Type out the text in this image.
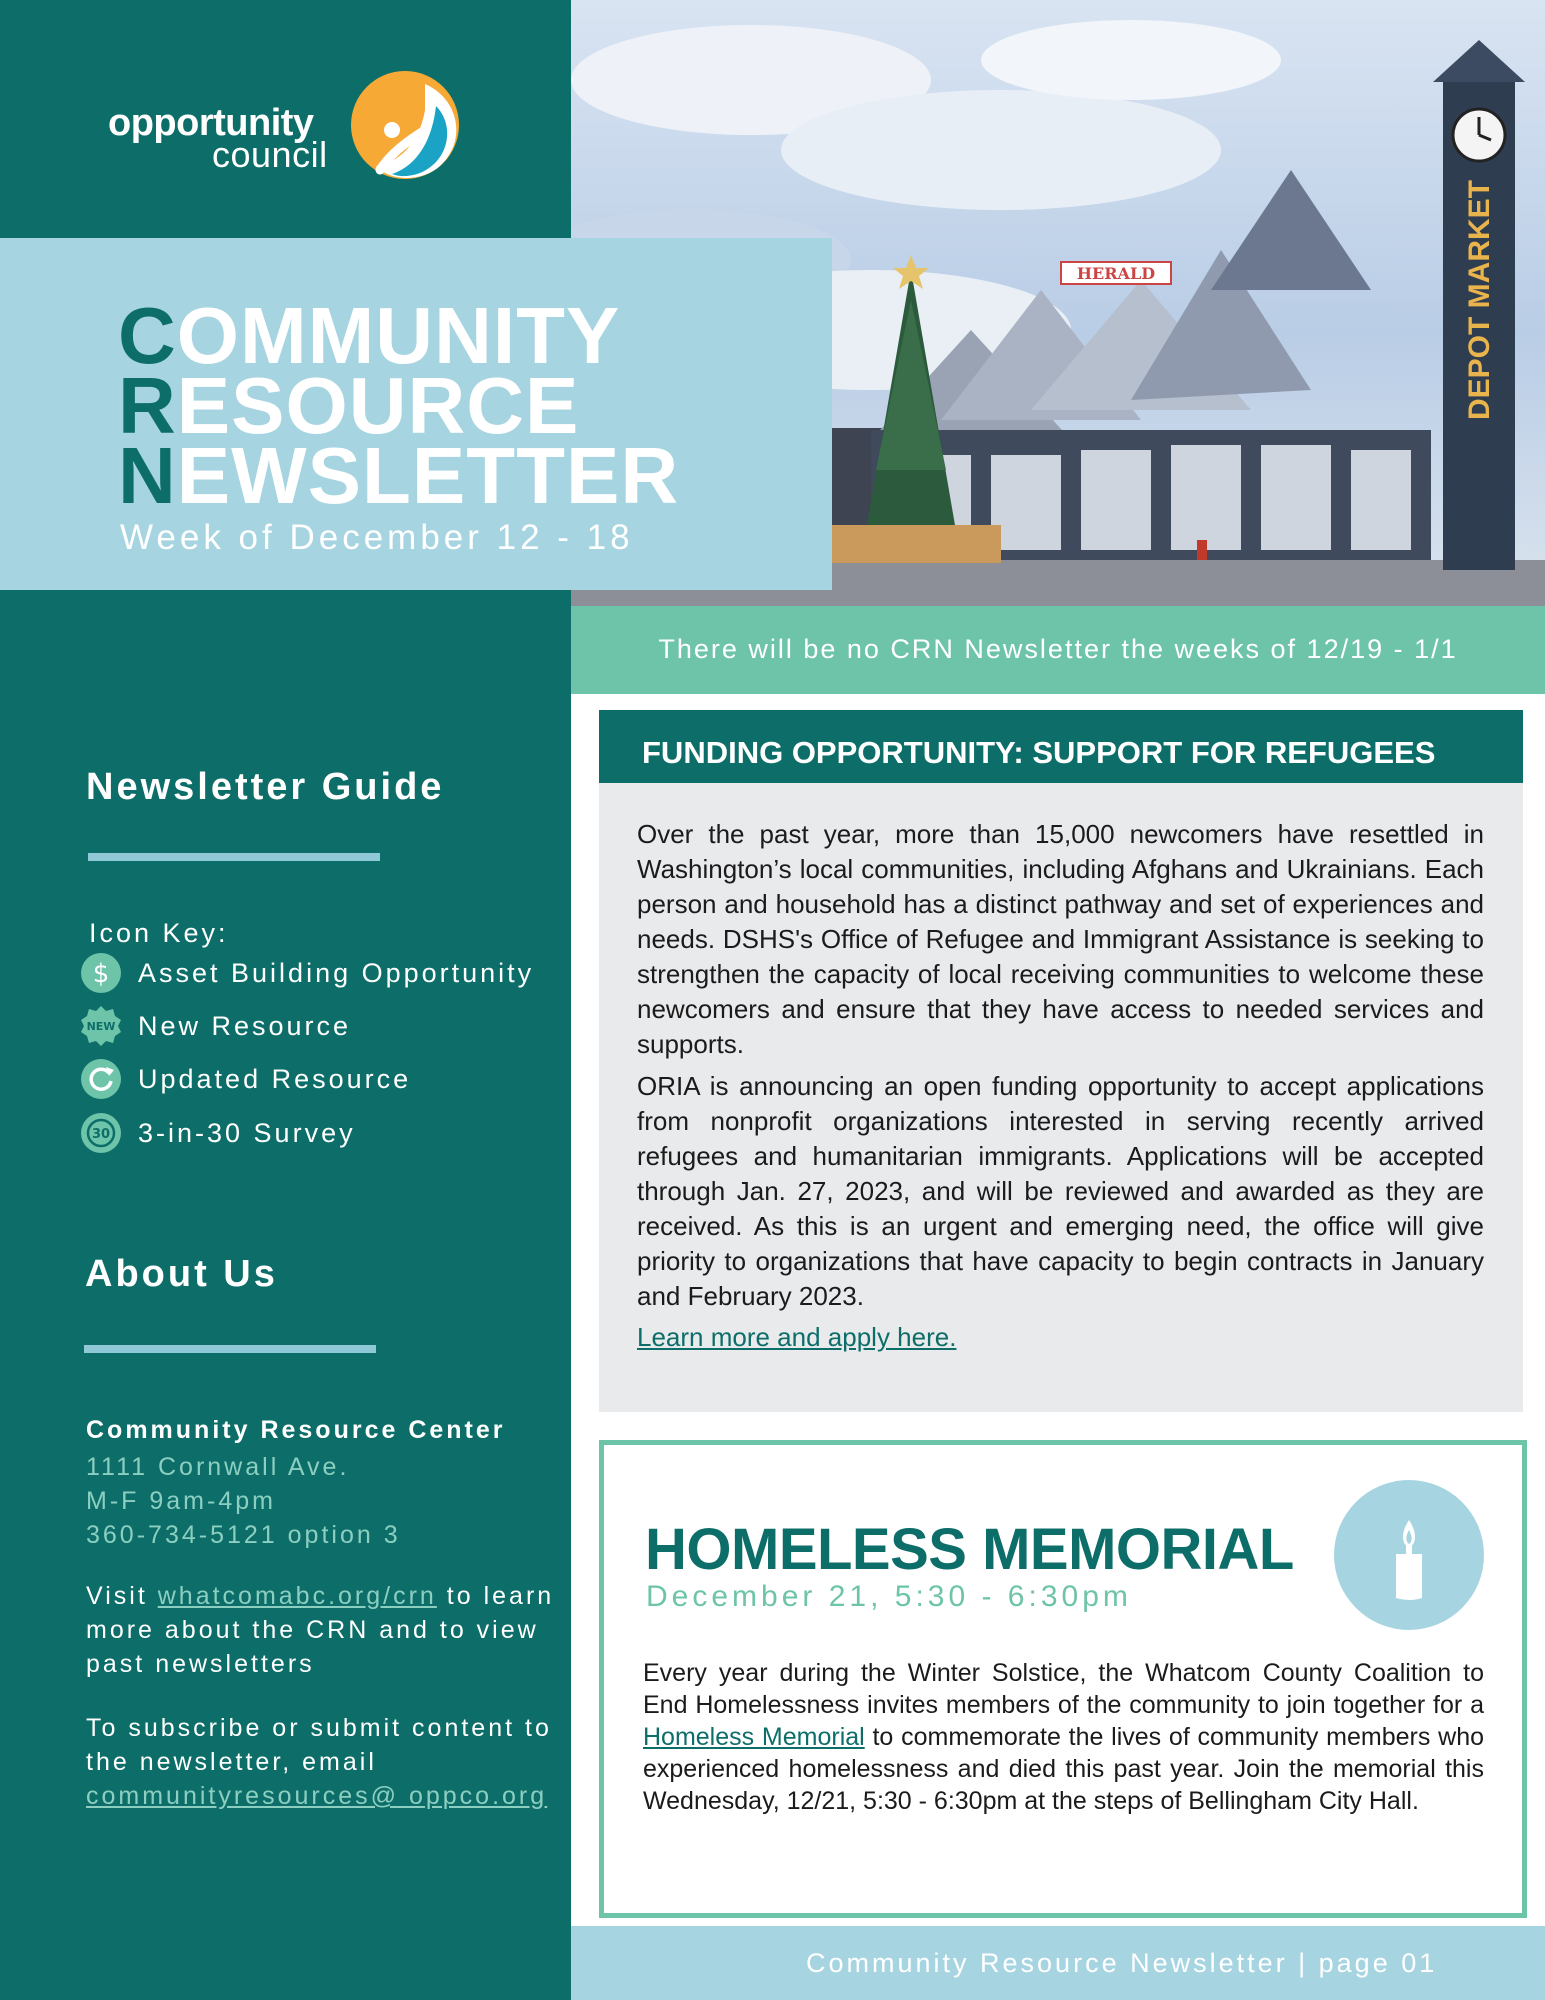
opportunity
council
HERALD	DEPOT MARKET
COMMUNITY
RESOURCE
NEWSLETTER
Week of December 12 - 18
There will be no CRN Newsletter the weeks of 12/19 - 1/1
Newsletter Guide
Icon Key:
$ Asset Building Opportunity
NEW New Resource
Updated Resource
30 3-in-30 Survey
About Us
Community Resource Center
1111 Cornwall Ave.
M-F 9am-4pm
360-734-5121 option 3
Visit whatcomabc.org/crn to learn more about the CRN and to view past newsletters
To subscribe or submit content to the newsletter, email communityresources@ oppco.org
FUNDING OPPORTUNITY: SUPPORT FOR REFUGEES

Over the past year, more than 15,000 newcomers have resettled in Washington’s local communities, including Afghans and Ukrainians. Each person and household has a distinct pathway and set of experiences and needs. DSHS's Office of Refugee and Immigrant Assistance is seeking to strengthen the capacity of local receiving communities to welcome these newcomers and ensure that they have access to needed services and supports.

ORIA is announcing an open funding opportunity to accept applications from nonprofit organizations interested in serving recently arrived refugees and humanitarian immigrants. Applications will be accepted through Jan. 27, 2023, and will be reviewed and awarded as they are received. As this is an urgent and emerging need, the office will give priority to organizations that have capacity to begin contracts in January and February 2023.

Learn more and apply here.
HOMELESS MEMORIAL
December 21, 5:30 - 6:30pm
Every year during the Winter Solstice, the Whatcom County Coalition to End Homelessness invites members of the community to join together for a Homeless Memorial to commemorate the lives of community members who experienced homelessness and died this past year. Join the memorial this Wednesday, 12/21, 5:30 - 6:30pm at the steps of Bellingham City Hall.
Community Resource Newsletter | page 01
